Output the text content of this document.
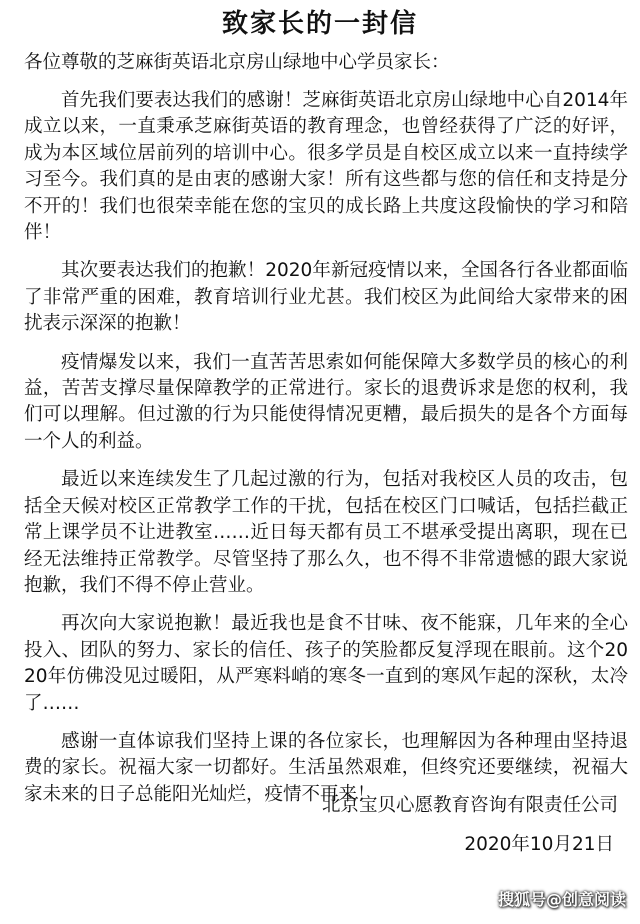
致家长的一封信
各位尊敬的芝麻街英语北京房山绿地中心学员家长：

首先我们要表达我们的感谢！芝麻街英语北京房山绿地中心自2014年成立以来，一直秉承芝麻街英语的教育理念，也曾经获得了广泛的好评，成为本区域位居前列的培训中心。很多学员是自校区成立以来一直持续学习至今。我们真的是由衷的感谢大家！所有这些都与您的信任和支持是分不开的！我们也很荣幸能在您的宝贝的成长路上共度这段愉快的学习和陪伴！

其次要表达我们的抱歉！2020年新冠疫情以来，全国各行各业都面临了非常严重的困难，教育培训行业尤甚。我们校区为此间给大家带来的困扰表示深深的抱歉！

疫情爆发以来，我们一直苦苦思索如何能保障大多数学员的核心的利益，苦苦支撑尽量保障教学的正常进行。家长的退费诉求是您的权利，我们可以理解。但过激的行为只能使得情况更糟，最后损失的是各个方面每一个人的利益。

最近以来连续发生了几起过激的行为，包括对我校区人员的攻击，包括全天候对校区正常教学工作的干扰，包括在校区门口喊话，包括拦截正常上课学员不让进教室……近日每天都有员工不堪承受提出离职，现在已经无法维持正常教学。尽管坚持了那么久，也不得不非常遗憾的跟大家说抱歉，我们不得不停止营业。

再次向大家说抱歉！最近我也是食不甘味、夜不能寐，几年来的全心投入、团队的努力、家长的信任、孩子的笑脸都反复浮现在眼前。这个2020年仿佛没见过暖阳，从严寒料峭的寒冬一直到的寒风乍起的深秋，太冷了……

感谢一直体谅我们坚持上课的各位家长，也理解因为各种理由坚持退费的家长。祝福大家一切都好。生活虽然艰难，但终究还要继续，祝福大家未来的日子总能阳光灿烂，疫情不再来！

北京宝贝心愿教育咨询有限责任公司
2020年10月21日
搜狐号@创意阅读
